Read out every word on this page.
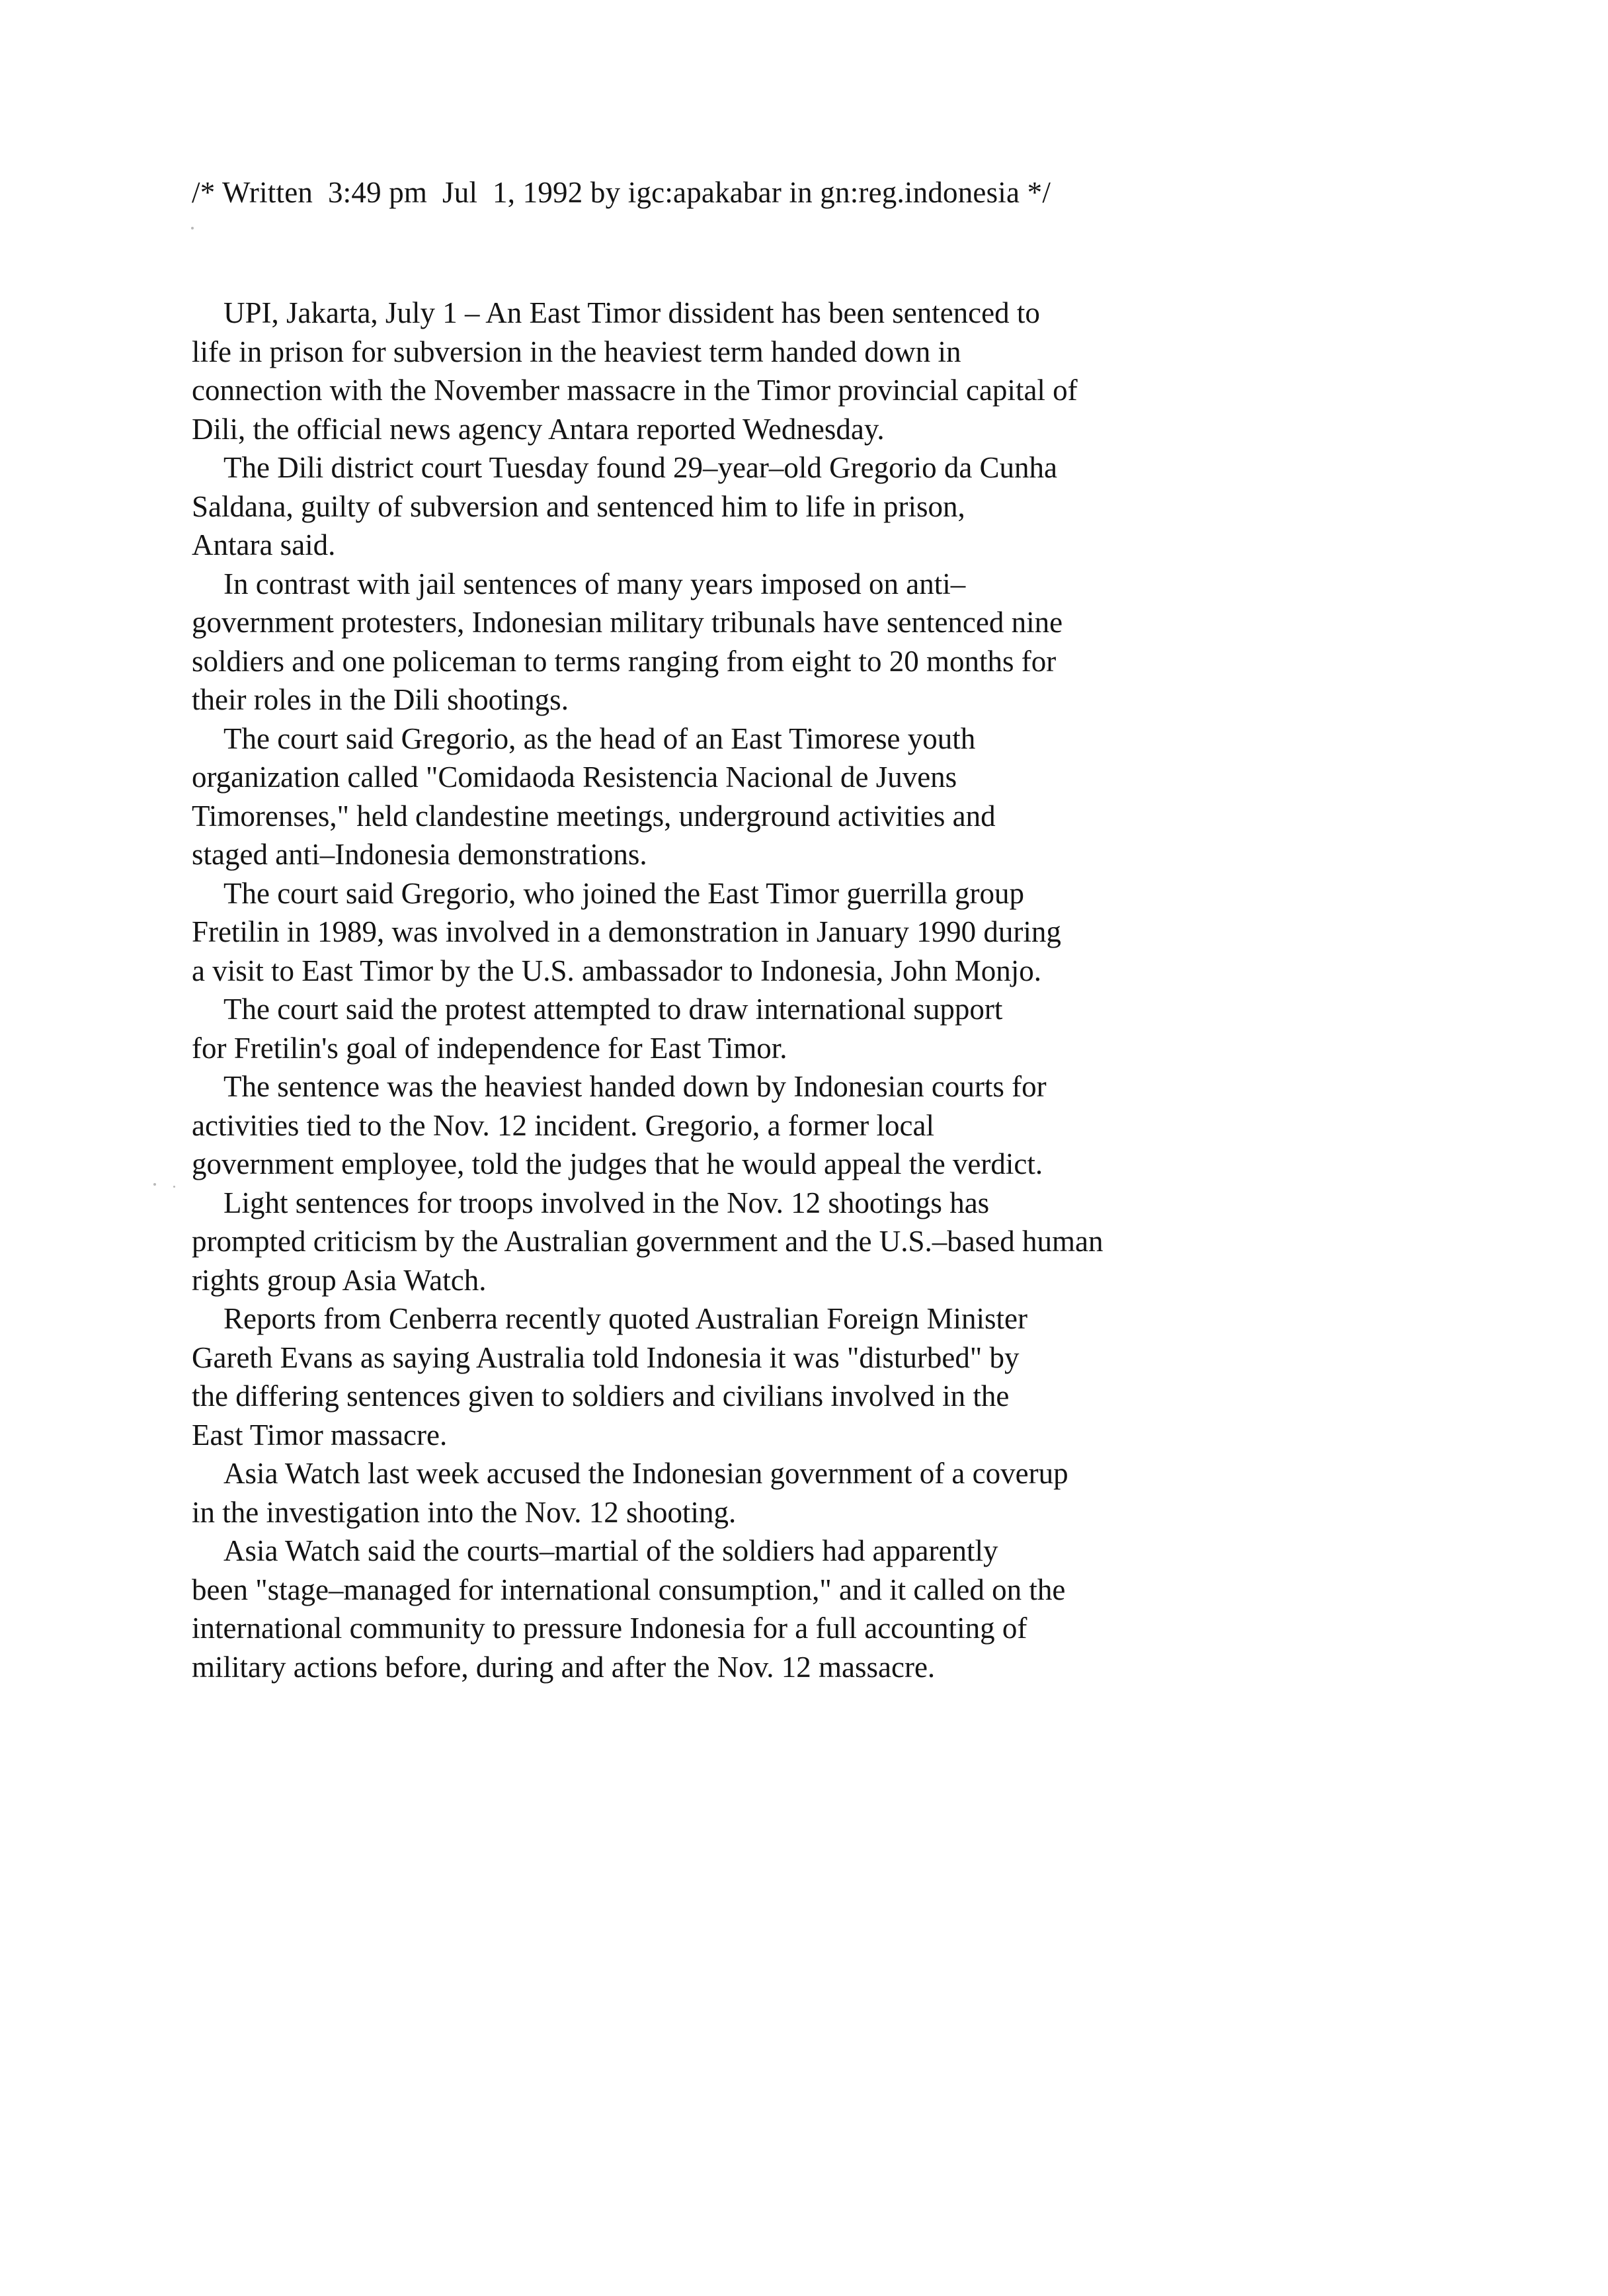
/* Written  3:49 pm  Jul  1, 1992 by igc:apakabar in gn:reg.indonesia */
UPI, Jakarta, July 1 – An East Timor dissident has been sentenced to
life in prison for subversion in the heaviest term handed down in
connection with the November massacre in the Timor provincial capital of
Dili, the official news agency Antara reported Wednesday.
The Dili district court Tuesday found 29–year–old Gregorio da Cunha
Saldana, guilty of subversion and sentenced him to life in prison,
Antara said.
In contrast with jail sentences of many years imposed on anti–
government protesters, Indonesian military tribunals have sentenced nine
soldiers and one policeman to terms ranging from eight to 20 months for
their roles in the Dili shootings.
The court said Gregorio, as the head of an East Timorese youth
organization called "Comidaoda Resistencia Nacional de Juvens
Timorenses," held clandestine meetings, underground activities and
staged anti–Indonesia demonstrations.
The court said Gregorio, who joined the East Timor guerrilla group
Fretilin in 1989, was involved in a demonstration in January 1990 during
a visit to East Timor by the U.S. ambassador to Indonesia, John Monjo.
The court said the protest attempted to draw international support
for Fretilin's goal of independence for East Timor.
The sentence was the heaviest handed down by Indonesian courts for
activities tied to the Nov. 12 incident. Gregorio, a former local
government employee, told the judges that he would appeal the verdict.
Light sentences for troops involved in the Nov. 12 shootings has
prompted criticism by the Australian government and the U.S.–based human
rights group Asia Watch.
Reports from Cenberra recently quoted Australian Foreign Minister
Gareth Evans as saying Australia told Indonesia it was "disturbed" by
the differing sentences given to soldiers and civilians involved in the
East Timor massacre.
Asia Watch last week accused the Indonesian government of a coverup
in the investigation into the Nov. 12 shooting.
Asia Watch said the courts–martial of the soldiers had apparently
been "stage–managed for international consumption," and it called on the
international community to pressure Indonesia for a full accounting of
military actions before, during and after the Nov. 12 massacre.
